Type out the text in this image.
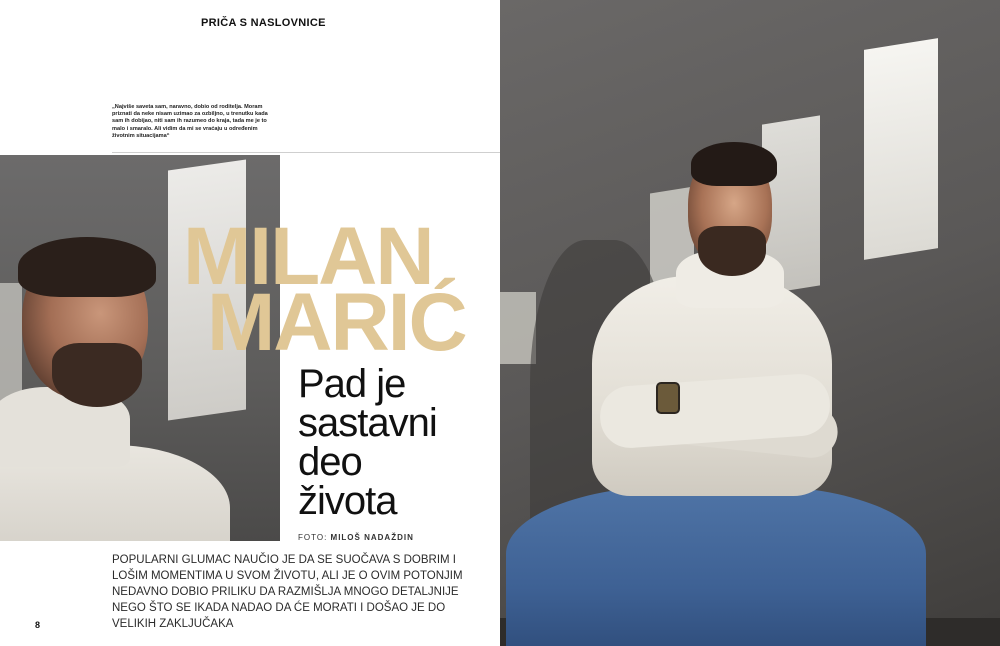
PRIČA S NASLOVNICE
„Najviše saveta sam, naravno, dobio od roditelja. Moram priznati da neke nisam uzimao za ozbiljno, u trenutku kada sam ih dobijao, niti sam ih razumeo do kraja, tada me je to malo i smaralo. Ali vidim da mi se vraćaju u određenim životnim situacijama“
MILAN
MARIĆ
Pad je
sastavni
deo
života
FOTO: MILOŠ NADAŽDIN
POPULARNI GLUMAC NAUČIO JE DA SE SUOČAVA S DOBRIM I LOŠIM MOMENTIMA U SVOM ŽIVOTU, ALI JE O OVIM POTONJIM NEDAVNO DOBIO PRILIKU DA RAZMIŠLJA MNOGO DETALJNIJE NEGO ŠTO SE IKADA NADAO DA ĆE MORATI I DOŠAO JE DO VELIKIH ZAKLJUČAKA
8
